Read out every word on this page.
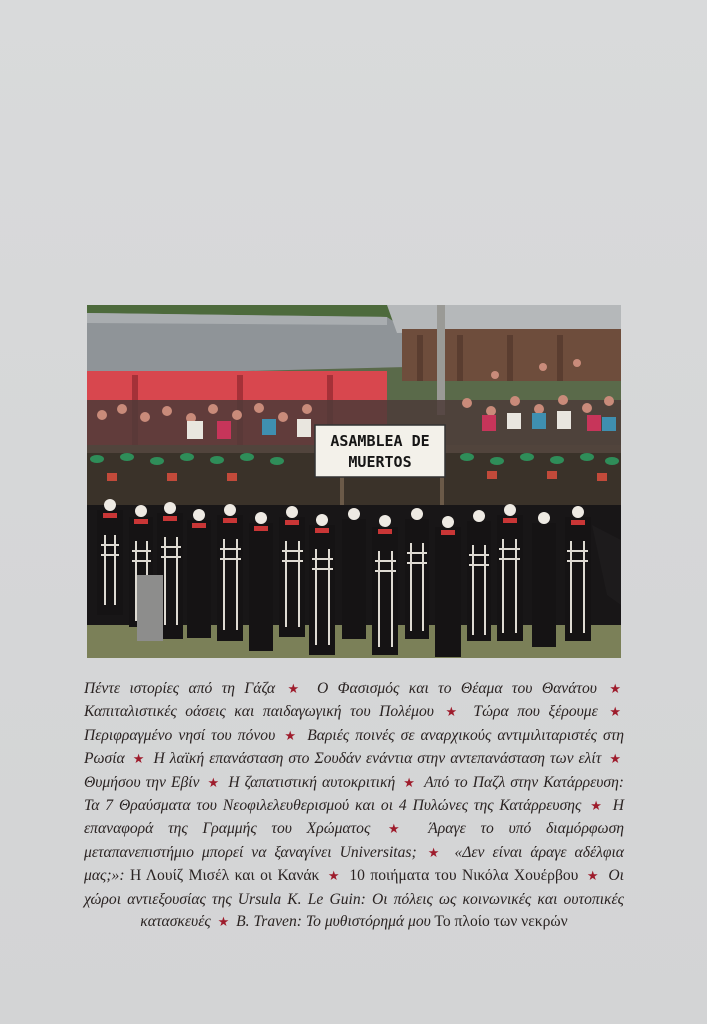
ASAMBLEA DE
MUERTOS
Πέντε ιστορίες από τη Γάζα ★ Ο Φασισμός και το Θέαμα του Θανάτου ★ Καπιταλιστικές οάσεις και παιδαγωγική του Πολέμου ★ Τώρα που ξέρουμε ★ Περιφραγμένο νησί του πόνου ★ Βαριές ποινές σε αναρχικούς αντιμιλιταριστές στη Ρωσία ★ Η λαϊκή επανάσταση στο Σουδάν ενάντια στην αντεπανάσταση των ελίτ ★ Θυμήσου την Εβίν ★ Η ζαπατιστική αυτοκριτική ★ Από το Παζλ στην Κατάρρευση: Τα 7 Θραύσματα του Νεοφιλελευθερισμού και οι 4 Πυλώνες της Κατάρρευσης ★ Η επαναφορά της Γραμμής του Χρώματος ★ Άραγε το υπό διαμόρφωση μεταπανεπιστήμιο μπορεί να ξαναγίνει Universitas; ★ «Δεν είναι άραγε αδέλφια μας;»: Η Λουίζ Μισέλ και οι Κανάκ ★ 10 ποιήματα του Νικόλα Χουέρβου ★ Οι χώροι αντιεξουσίας της Ursula K. Le Guin: Οι πόλεις ως κοινωνικές και ουτοπικές κατασκευές ★ B. Traven: Το μυθιστόρημά μου Το πλοίο των νεκρών
